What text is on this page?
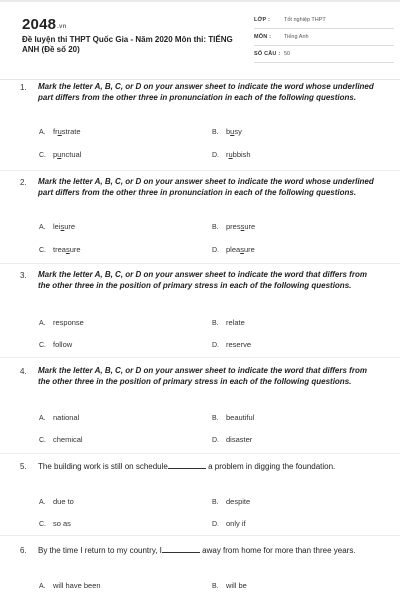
2048.vn
Đề luyện thi THPT Quốc Gia - Năm 2020 Môn thi: TIẾNG ANH (Đề số 20)
LỚP :	Tốt nghiệp THPT
MÔN : Tiếng Anh
SỐ CÂU : 50
1. Mark the letter A, B, C, or D on your answer sheet to indicate the word whose underlined part differs from the other three in pronunciation in each of the following questions.
A. frustrate	B. busy
C. punctual	D. rubbish
2. Mark the letter A, B, C, or D on your answer sheet to indicate the word whose underlined part differs from the other three in pronunciation in each of the following questions.
A. leisure	B. pressure
C. treasure	D. pleasure
3. Mark the letter A, B, C, or D on your answer sheet to indicate the word that differs from the other three in the position of primary stress in each of the following questions.
A. response	B. relate
C. follow	D. reserve
4. Mark the letter A, B, C, or D on your answer sheet to indicate the word that differs from the other three in the position of primary stress in each of the following questions.
A. national	B. beautiful
C. chemical	D. disaster
5. The building work is still on schedule	a problem in digging the foundation.
A. due to	B. despite
C. so as	D. only if
6. By the time I return to my country, I	away from home for more than three years.
A. will have been	B. will be
